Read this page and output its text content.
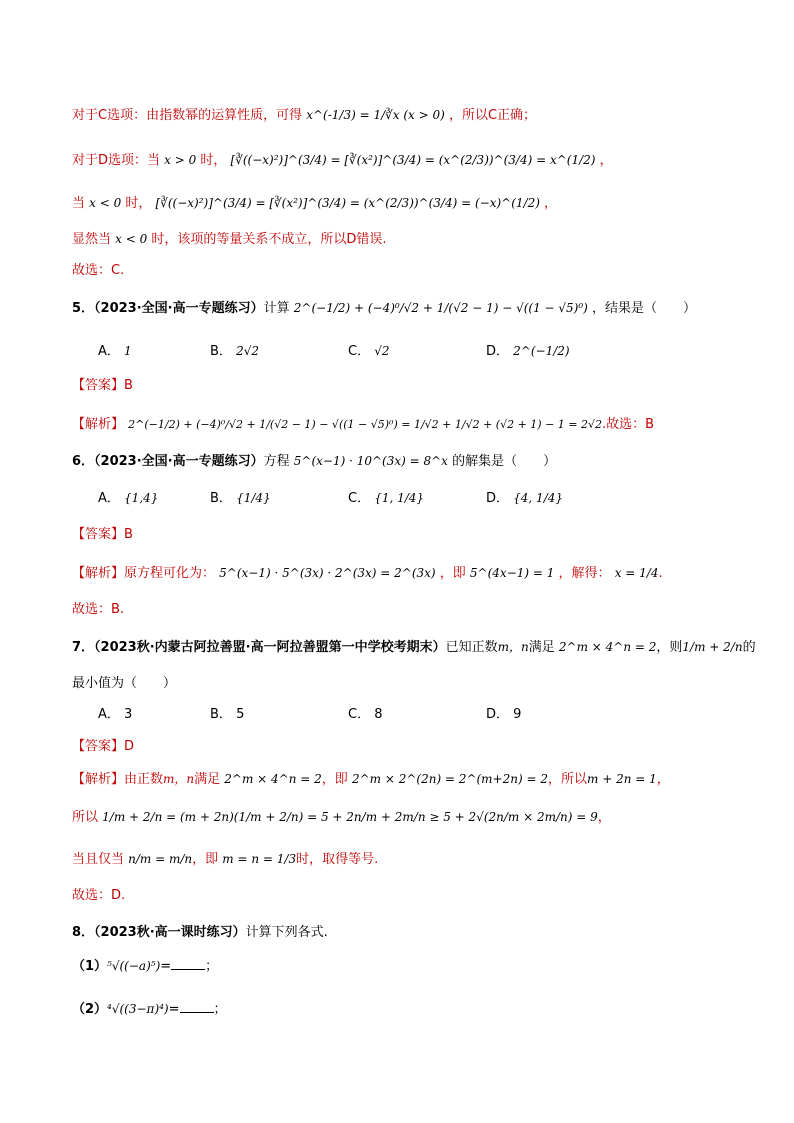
对于C选项：由指数幂的运算性质，可得 x^(-1/3) = 1/∛x (x > 0) ，所以C正确；
对于D选项：当 x > 0 时， [∛((−x)²)]^(3/4) = [∛(x²)]^(3/4) = (x^(2/3))^(3/4) = x^(1/2) ，
当 x < 0 时， [∛((−x)²)]^(3/4) = [∛(x²)]^(3/4) = (x^(2/3))^(3/4) = (−x)^(1/2) ，
显然当 x < 0 时，该项的等量关系不成立，所以D错误.
故选：C.
5．（2023·全国·高一专题练习）计算 2^(−1/2) + (−4)⁰/√2 + 1/(√2 − 1) − √((1 − √5)⁰) ，结果是（　　）
A． 1	B． 2√2	C． √2	D． 2^(−1/2)
【答案】B
【解析】 2^(−1/2) + (−4)⁰/√2 + 1/(√2 − 1) − √((1 − √5)⁰) = 1/√2 + 1/√2 + (√2 + 1) − 1 = 2√2.故选：B
6．（2023·全国·高一专题练习）方程 5^(x−1) · 10^(3x) = 8^x 的解集是（　　）
A． {1,4}	B． {1/4}	C． {1, 1/4}	D． {4, 1/4}
【答案】B
【解析】原方程可化为： 5^(x−1) · 5^(3x) · 2^(3x) = 2^(3x) ，即 5^(4x−1) = 1 ，解得： x = 1/4.
故选：B.
7．（2023秋·内蒙古阿拉善盟·高一阿拉善盟第一中学校考期末）已知正数m，n满足 2^m × 4^n = 2，则1/m + 2/n的
最小值为（　　）
A． 3	B． 5	C． 8	D． 9
【答案】D
【解析】由正数m，n满足 2^m × 4^n = 2，即 2^m × 2^(2n) = 2^(m+2n) = 2，所以m + 2n = 1，
所以 1/m + 2/n = (m + 2n)(1/m + 2/n) = 5 + 2n/m + 2m/n ≥ 5 + 2√(2n/m × 2m/n) = 9，
当且仅当 n/m = m/n，即 m = n = 1/3时，取得等号.
故选：D.
8．（2023秋·高一课时练习）计算下列各式.
（1）⁵√((−a)⁵)=	；
（2）⁴√((3−π)⁴)=	；
